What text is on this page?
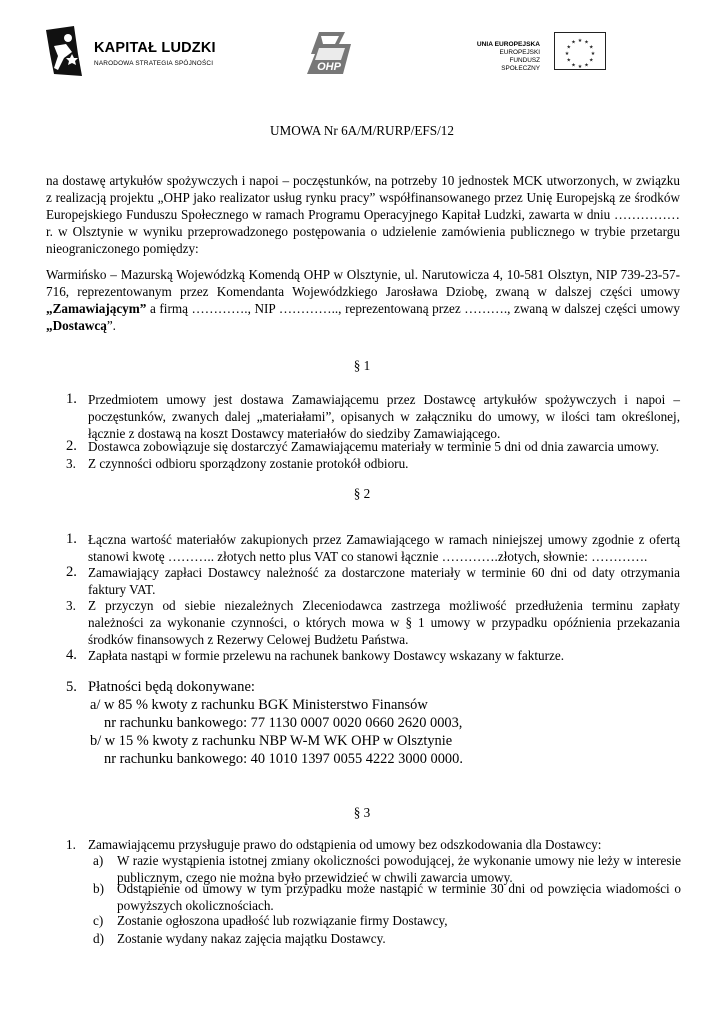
KAPITAŁ LUDZKI
NARODOWA STRATEGIA SPÓJNOŚCI	OHP
UNIA EUROPEJSKA
EUROPEJSKI
FUNDUSZ SPOŁECZNY
★ ★
★
★
★
★
★
★
★
★
★
★
UMOWA Nr 6A/M/RURP/EFS/12
na dostawę artykułów spożywczych i napoi – poczęstunków, na potrzeby 10 jednostek MCK utworzonych, w związku z realizacją projektu „OHP jako realizator usług rynku pracy” współfinansowanego przez Unię Europejską ze środków Europejskiego Funduszu Społecznego w ramach Programu Operacyjnego Kapitał Ludzki, zawarta w dniu …………… r. w Olsztynie w wyniku przeprowadzonego postępowania o udzielenie zamówienia publicznego w trybie przetargu nieograniczonego pomiędzy:
Warmińsko – Mazurską Wojewódzką Komendą OHP w Olsztynie, ul. Narutowicza 4, 10-581 Olsztyn, NIP 739-23-57-716, reprezentowanym przez Komendanta Wojewódzkiego Jarosława Dziobę, zwaną w dalszej części umowy „Zamawiającym” a firmą …………., NIP ………….., reprezentowaną przez ………., zwaną w dalszej części umowy „Dostawcą”.
§ 1
1. Przedmiotem umowy jest dostawa Zamawiającemu przez Dostawcę artykułów spożywczych i napoi – poczęstunków, zwanych dalej „materiałami”, opisanych w załączniku do umowy, w ilości tam określonej, łącznie z dostawą na koszt Dostawcy materiałów do siedziby Zamawiającego.
2. Dostawca zobowiązuje się dostarczyć Zamawiającemu materiały w terminie 5 dni od dnia zawarcia umowy.
3. Z czynności odbioru sporządzony zostanie protokół odbioru.
§ 2
1. Łączna wartość materiałów zakupionych przez Zamawiającego w ramach niniejszej umowy zgodnie z ofertą stanowi kwotę ……….. złotych netto plus VAT co stanowi łącznie ………….złotych, słownie: ………….
2. Zamawiający zapłaci Dostawcy należność za dostarczone materiały w terminie 60 dni od daty otrzymania faktury VAT.
3. Z przyczyn od siebie niezależnych Zleceniodawca zastrzega możliwość przedłużenia terminu zapłaty należności za wykonanie czynności, o których mowa w § 1 umowy w przypadku opóźnienia przekazania środków finansowych z Rezerwy Celowej Budżetu Państwa.
4. Zapłata nastąpi w formie przelewu na rachunek bankowy Dostawcy wskazany w fakturze.
5. Płatności będą dokonywane:
a/ w 85 % kwoty z rachunku BGK Ministerstwo Finansów
nr rachunku bankowego: 77 1130 0007 0020 0660 2620 0003,
b/ w 15 % kwoty z rachunku NBP W-M WK OHP w Olsztynie
nr rachunku bankowego: 40 1010 1397 0055 4222 3000 0000.
§ 3
1. Zamawiającemu przysługuje prawo do odstąpienia od umowy bez odszkodowania dla Dostawcy:
a)	W razie wystąpienia istotnej zmiany okoliczności powodującej, że wykonanie umowy nie leży w interesie publicznym, czego nie można było przewidzieć w chwili zawarcia umowy.
b) Odstąpienie od umowy w tym przypadku może nastąpić w terminie 30 dni od powzięcia wiadomości o powyższych okolicznościach.
c)	Zostanie ogłoszona upadłość lub rozwiązanie firmy Dostawcy,
d) Zostanie wydany nakaz zajęcia majątku Dostawcy.
